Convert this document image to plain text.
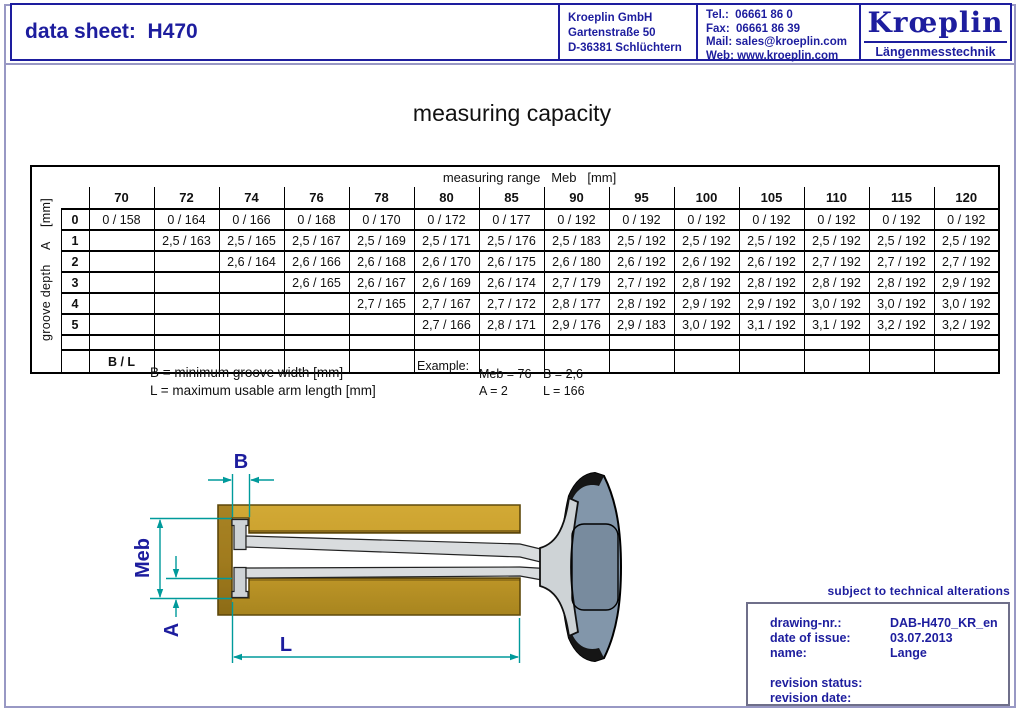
data sheet:  H470
Kroeplin GmbH
Gartenstraße 50
D-36381 Schlüchtern
Tel.:  06661 86 0
Fax:  06661 86 39
Mail: sales@kroeplin.com
Web: www.kroeplin.com
Krœplin
Längenmesstechnik
measuring capacity
groove depth    A    [mm]	measuring range   Meb   [mm]														
		70	72	74	76	78	80	85	90	95	100	105	110	115	120
	0	0 / 158	0 / 164	0 / 166	0 / 168	0 / 170	0 / 172	0 / 177	0 / 192	0 / 192	0 / 192	0 / 192	0 / 192	0 / 192	0 / 192
	1		2,5 / 163	2,5 / 165	2,5 / 167	2,5 / 169	2,5 / 171	2,5 / 176	2,5 / 183	2,5 / 192	2,5 / 192	2,5 / 192	2,5 / 192	2,5 / 192	2,5 / 192
	2			2,6 / 164	2,6 / 166	2,6 / 168	2,6 / 170	2,6 / 175	2,6 / 180	2,6 / 192	2,6 / 192	2,6 / 192	2,7 / 192	2,7 / 192	2,7 / 192
	3				2,6 / 165	2,6 / 167	2,6 / 169	2,6 / 174	2,7 / 179	2,7 / 192	2,8 / 192	2,8 / 192	2,8 / 192	2,8 / 192	2,9 / 192
	4					2,7 / 165	2,7 / 167	2,7 / 172	2,8 / 177	2,8 / 192	2,9 / 192	2,9 / 192	3,0 / 192	3,0 / 192	3,0 / 192
	5						2,7 / 166	2,8 / 171	2,9 / 176	2,9 / 183	3,0 / 192	3,1 / 192	3,1 / 192	3,2 / 192	3,2 / 192

		B / L													
B = minimum groove width [mm]
L = maximum usable arm length [mm]
Example:
Meb = 76 B = 2,6
A = 2	L = 166
B
Meb
A
L
subject to technical alterations
drawing-nr.:	DAB-H470_KR_en
date of issue:	03.07.2013
name:	Lange
revision status:
revision date:
